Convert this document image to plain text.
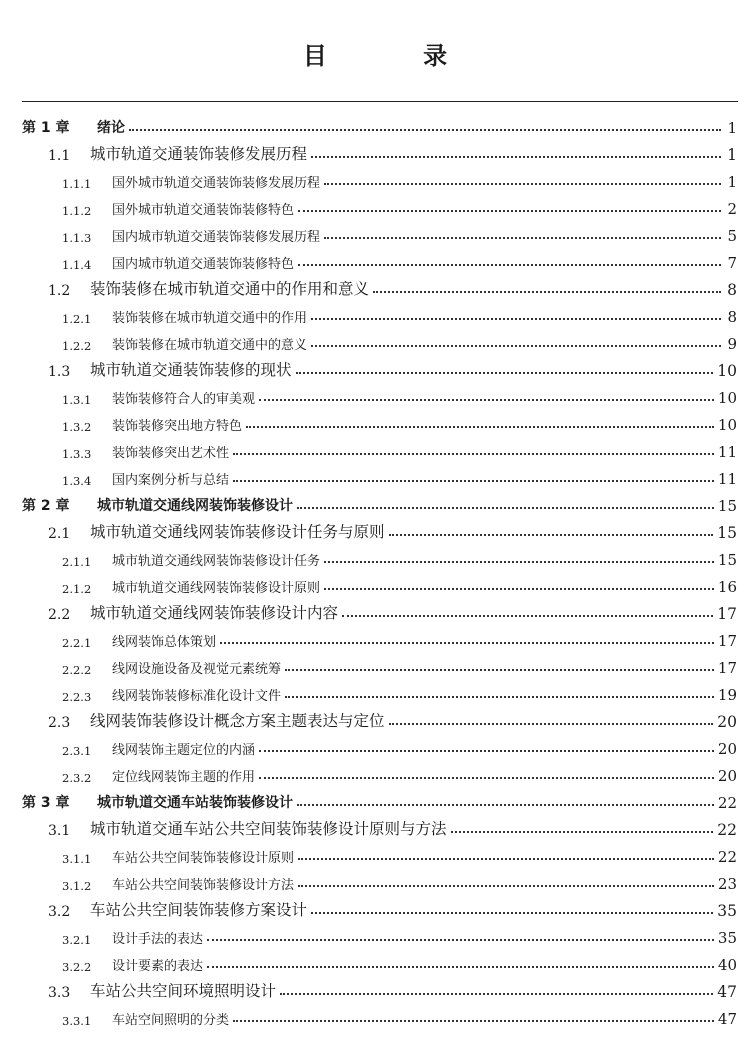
目 录
第 1 章	绪论	1
1.1	城市轨道交通装饰装修发展历程	1
1.1.1	国外城市轨道交通装饰装修发展历程	1
1.1.2	国外城市轨道交通装饰装修特色	2
1.1.3	国内城市轨道交通装饰装修发展历程	5
1.1.4	国内城市轨道交通装饰装修特色	7
1.2	装饰装修在城市轨道交通中的作用和意义	8
1.2.1	装饰装修在城市轨道交通中的作用	8
1.2.2	装饰装修在城市轨道交通中的意义	9
1.3	城市轨道交通装饰装修的现状	10
1.3.1	装饰装修符合人的审美观	10
1.3.2	装饰装修突出地方特色	10
1.3.3	装饰装修突出艺术性	11
1.3.4	国内案例分析与总结	11
第 2 章	城市轨道交通线网装饰装修设计	15
2.1	城市轨道交通线网装饰装修设计任务与原则	15
2.1.1	城市轨道交通线网装饰装修设计任务	15
2.1.2	城市轨道交通线网装饰装修设计原则	16
2.2	城市轨道交通线网装饰装修设计内容	17
2.2.1	线网装饰总体策划	17
2.2.2	线网设施设备及视觉元素统筹	17
2.2.3	线网装饰装修标准化设计文件	19
2.3	线网装饰装修设计概念方案主题表达与定位	20
2.3.1	线网装饰主题定位的内涵	20
2.3.2	定位线网装饰主题的作用	20
第 3 章	城市轨道交通车站装饰装修设计	22
3.1	城市轨道交通车站公共空间装饰装修设计原则与方法	22
3.1.1	车站公共空间装饰装修设计原则	22
3.1.2	车站公共空间装饰装修设计方法	23
3.2	车站公共空间装饰装修方案设计	35
3.2.1	设计手法的表达	35
3.2.2	设计要素的表达	40
3.3	车站公共空间环境照明设计	47
3.3.1	车站空间照明的分类	47
